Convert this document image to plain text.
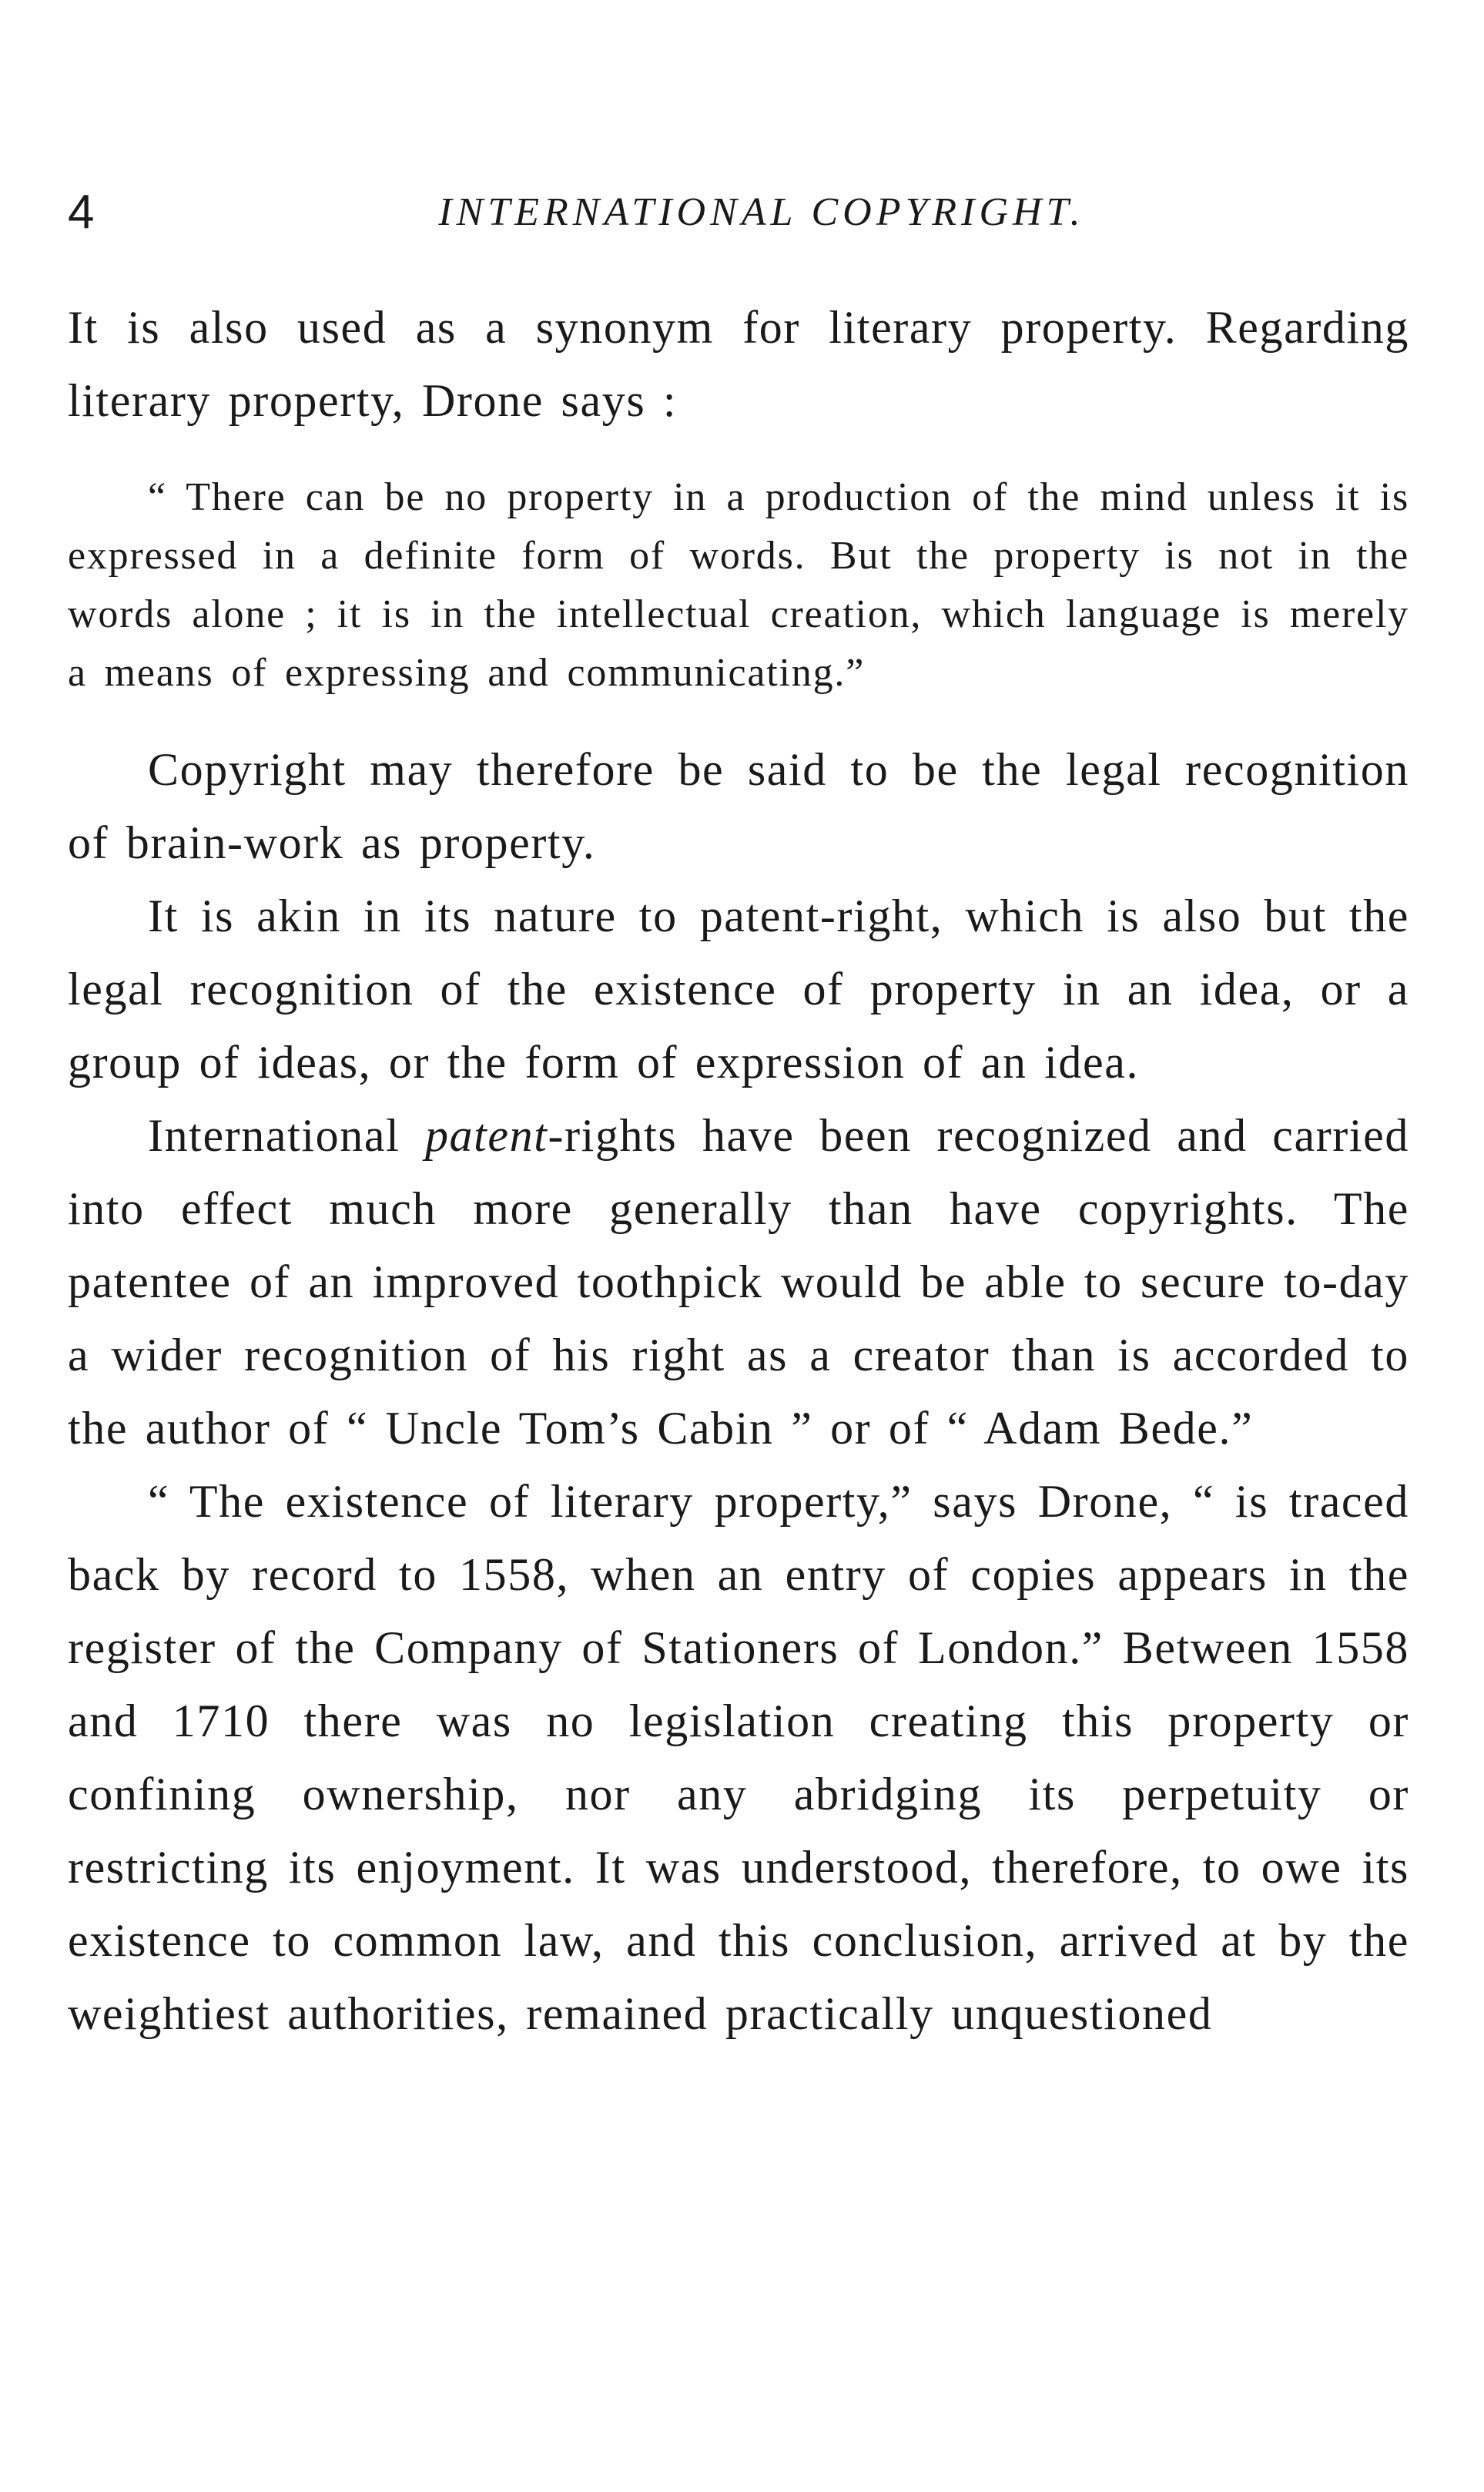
4	INTERNATIONAL COPYRIGHT.

It is also used as a synonym for literary property. Regarding literary property, Drone says :

“ There can be no property in a production of the mind unless it is expressed in a definite form of words. But the property is not in the words alone ; it is in the intellectual creation, which language is merely a means of expressing and communicating.”

Copyright may therefore be said to be the legal recognition of brain-work as property.

It is akin in its nature to patent-right, which is also but the legal recognition of the existence of property in an idea, or a group of ideas, or the form of expression of an idea.

International patent-rights have been recognized and carried into effect much more generally than have copyrights. The patentee of an improved toothpick would be able to secure to-day a wider recognition of his right as a creator than is accorded to the author of “ Uncle Tom’s Cabin ” or of “ Adam Bede.”

“ The existence of literary property,” says Drone, “ is traced back by record to 1558, when an entry of copies appears in the register of the Company of Stationers of London.” Between 1558 and 1710 there was no legislation creating this property or confining ownership, nor any abridging its perpetuity or restricting its enjoyment. It was understood, therefore, to owe its existence to common law, and this conclusion, arrived at by the weightiest authorities, remained practically unquestioned
